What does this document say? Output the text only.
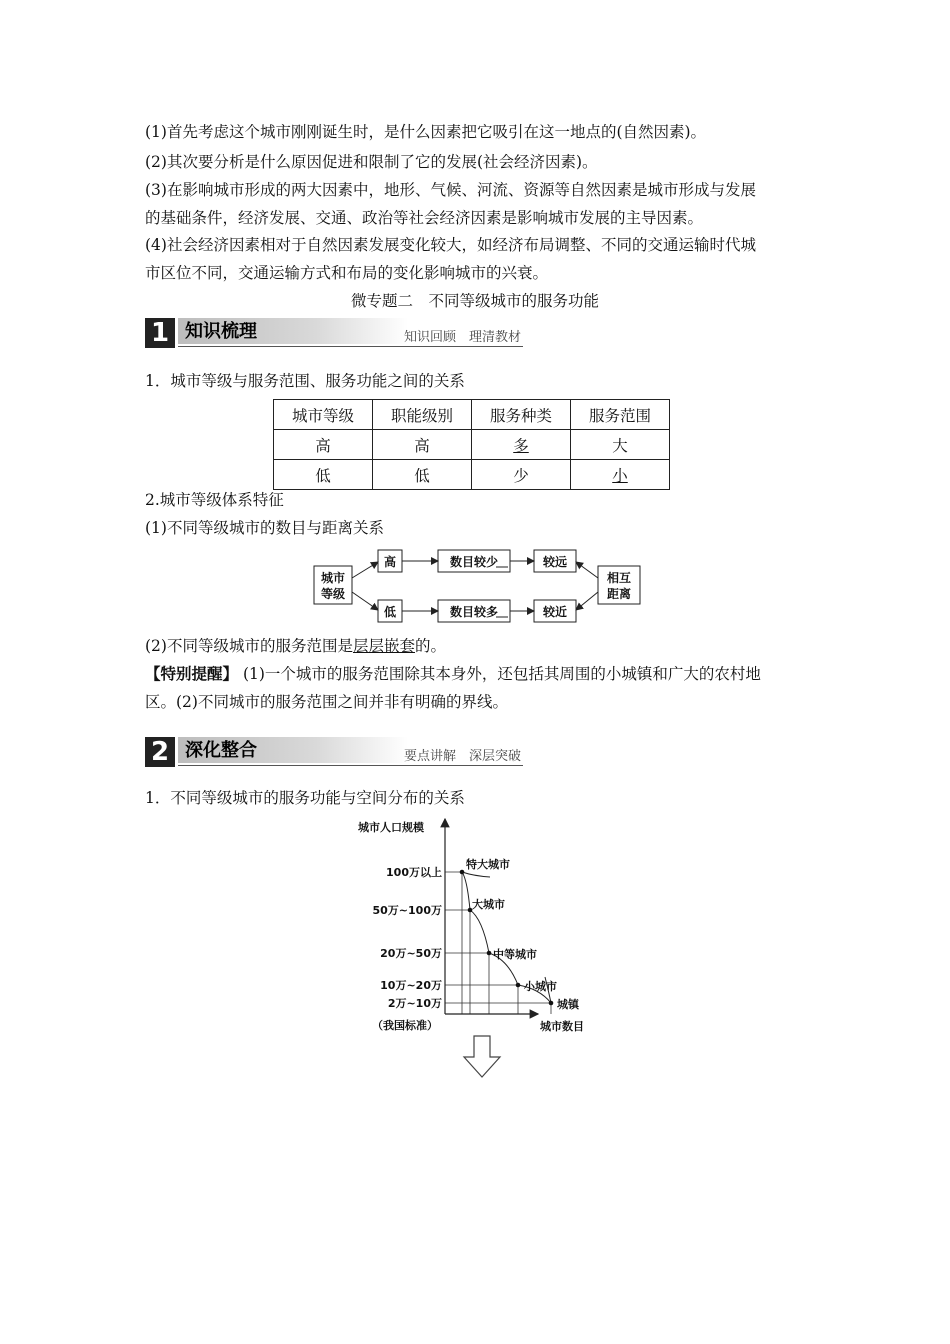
(1)首先考虑这个城市刚刚诞生时，是什么因素把它吸引在这一地点的(自然因素)。
(2)其次要分析是什么原因促进和限制了它的发展(社会经济因素)。
(3)在影响城市形成的两大因素中，地形、气候、河流、资源等自然因素是城市形成与发展
的基础条件，经济发展、交通、政治等社会经济因素是影响城市发展的主导因素。
(4)社会经济因素相对于自然因素发展变化较大，如经济布局调整、不同的交通运输时代城
市区位不同，交通运输方式和布局的变化影响城市的兴衰。
微专题二　不同等级城市的服务功能
1 知识梳理	知识回顾　理清教材
1．城市等级与服务范围、服务功能之间的关系
城市等级	职能级别	服务种类	服务范围
高	高	多	大
低	低	少	小
2.城市等级体系特征
(1)不同等级城市的数目与距离关系
城市
等级
高
低
数目较少
数目较多
较远
较近
相互
距离
(2)不同等级城市的服务范围是层层嵌套的。
【特别提醒】 (1)一个城市的服务范围除其本身外，还包括其周围的小城镇和广大的农村地
区。(2)不同城市的服务范围之间并非有明确的界线。
2 深化整合	要点讲解　深层突破
1．不同等级城市的服务功能与空间分布的关系
特大城市
大城市
中等城市
小城市
城镇
城市人口规模
城市数目
（我国标准）
100万以上
50万~100万
20万~50万
10万~20万
2万~10万
